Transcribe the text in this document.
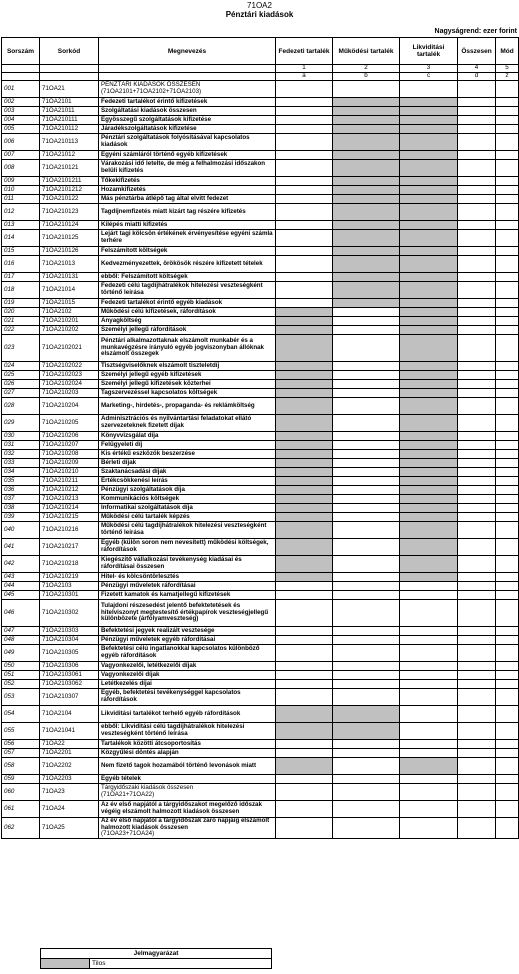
71OA2
Pénztári kiadások
Nagyságrend: ezer forint
Sorszám	Sorkód	Megnevezés	Fedezeti tartalék	Működési tartalék	Likviditási tartalék	Összesen	Mód
			1	2	3	4	5
			a	b	c	d	z
001	71OA21	PÉNZTÁRI KIADÁSOK ÖSSZESEN
(71OA2101+71OA2102+71OA2103)					
002	71OA2101	Fedezeti tartalékot érintő kifizetések					
003	71OA21011	Szolgáltatási kiadások összesen					
004	71OA210111	Egyösszegű szolgáltatások kifizetése					
005	71OA210112	Járadékszolgáltatások kifizetése					
006	71OA210113	Pénztári szolgáltatások folyósításával kapcsolatos kiadások					
007	71OA21012	Egyéni számláról történő egyéb kifizetések					
008	71OA210121	Várakozási idő letelte, de még a felhalmozási időszakon belüli kifizetés					
009	71OA2101211	Tőkekifizetés					
010	71OA2101212	Hozamkifizetés					
011	71OA210122	Más pénztárba átlépő tag által elvitt fedezet					
012	71OA210123	Tagdíjnemfizetés miatt kizárt tag részére kifizetés					
013	71OA210124	Kilépés miatti kifizetés					
014	71OA210125	Lejárt tagi kölcsön értékének érvényesítése egyéni számla terhére					
015	71OA210126	Felszámított költségek					
016	71OA21013	Kedvezményezettek, örökösök részére kifizetett tételek					
017	71OA210131	ebből: Felszámított költségek					
018	71OA21014	Fedezeti célú tagdíjhátralékok hitelezési veszteségként történő leírása					
019	71OA21015	Fedezeti tartalékot érintő egyéb kiadások					
020	71OA2102	Működési célú kifizetések, ráfordítások					
021	71OA210201	Anyagköltség					
022	71OA210202	Személyi jellegű ráfordítások					
023	71OA2102021	Pénztári alkalmazottaknak elszámolt munkabér és a munkavégzésre irányuló egyéb jogviszonyban állóknak elszámolt összegek					
024	71OA2102022	Tisztségviselőknek elszámolt tiszteletdíj					
025	71OA2102023	Személyi jellegű egyéb kifizetések					
026	71OA2102024	Személyi jellegű kifizetések közterhei					
027	71OA210203	Tagszervezéssel kapcsolatos költségek					
028	71OA210204	Marketing-, hirdetés-, propaganda- és reklámköltség					
029	71OA210205	Adminisztrációs és nyilvántartási feladatokat ellátó szervezeteknek fizetett díjak					
030	71OA210206	Könyvvizsgálat díja					
031	71OA210207	Felügyeleti díj					
032	71OA210208	Kis értékű eszközök beszerzése					
033	71OA210209	Bérleti díjak					
034	71OA210210	Szaktanácsadási díjak					
035	71OA210211	Értékcsökkenési leírás					
036	71OA210212	Pénzügyi szolgáltatások díja					
037	71OA210213	Kommunikációs költségek					
038	71OA210214	Informatikai szolgáltatások díja					
039	71OA210215	Működési célú tartalék képzés					
040	71OA210216	Működési célú tagdíjhátralékok hitelezési veszteségként történő leírása					
041	71OA210217	Egyéb (külön soron nem nevesített) működési költségek, ráfordítások					
042	71OA210218	Kiegészítő vállalkozási tevékenység kiadásai és ráfordításai összesen					
043	71OA210219	Hitel- és kölcsöntörlesztés					
044	71OA2103	Pénzügyi műveletek ráfordításai					
045	71OA210301	Fizetett kamatok és kamatjellegű kifizetések					
046	71OA210302	Tulajdoni részesedést jelentő befektetetések és hitelviszonyt megtestesítő értékpapírok veszteségjellegű különbözete (árfolyamveszteség)					
047	71OA210303	Befektetési jegyek realizált vesztesége					
048	71OA210304	Pénzügyi műveletek egyéb ráfordításai					
049	71OA210305	Befektetési célú ingatlanokkal kapcsolatos különböző egyéb ráfordítások					
050	71OA210306	Vagyonkezelői, letétkezelői díjak					
051	71OA2103061	Vagyonkezelői díjak					
052	71OA2103062	Letétkezelés díjai					
053	71OA210307	Egyéb, befektetési tevékenységgel kapcsolatos ráfordítások					
054	71OA2104	Likviditási tartalékot terhelő egyéb ráfordítások					
055	71OA21041	ebből: Likviditási célú tagdíjhátralékok hitelezési veszteségként történő leírása					
056	71OA22	Tartalékok közötti átcsoportosítás					
057	71OA2201	Közgyűlési döntés alapján					
058	71OA2202	Nem fizető tagok hozamából történő levonások miatt					
059	71OA2203	Egyéb tételek					
060	71OA23	Tárgyidőszaki kiadások összesen
(71OA21+71OA22)					
061	71OA24	Az év első napjától a tárgyidőszakot megelőző időszak végéig elszámolt halmozott kiadások összesen					
062	71OA25	Az év első napjától a tárgyidőszak záró napjáig elszámolt halmozott kiadások összesen
(71OA23+71OA24)					
Jelmagyarázat
	Tilos
